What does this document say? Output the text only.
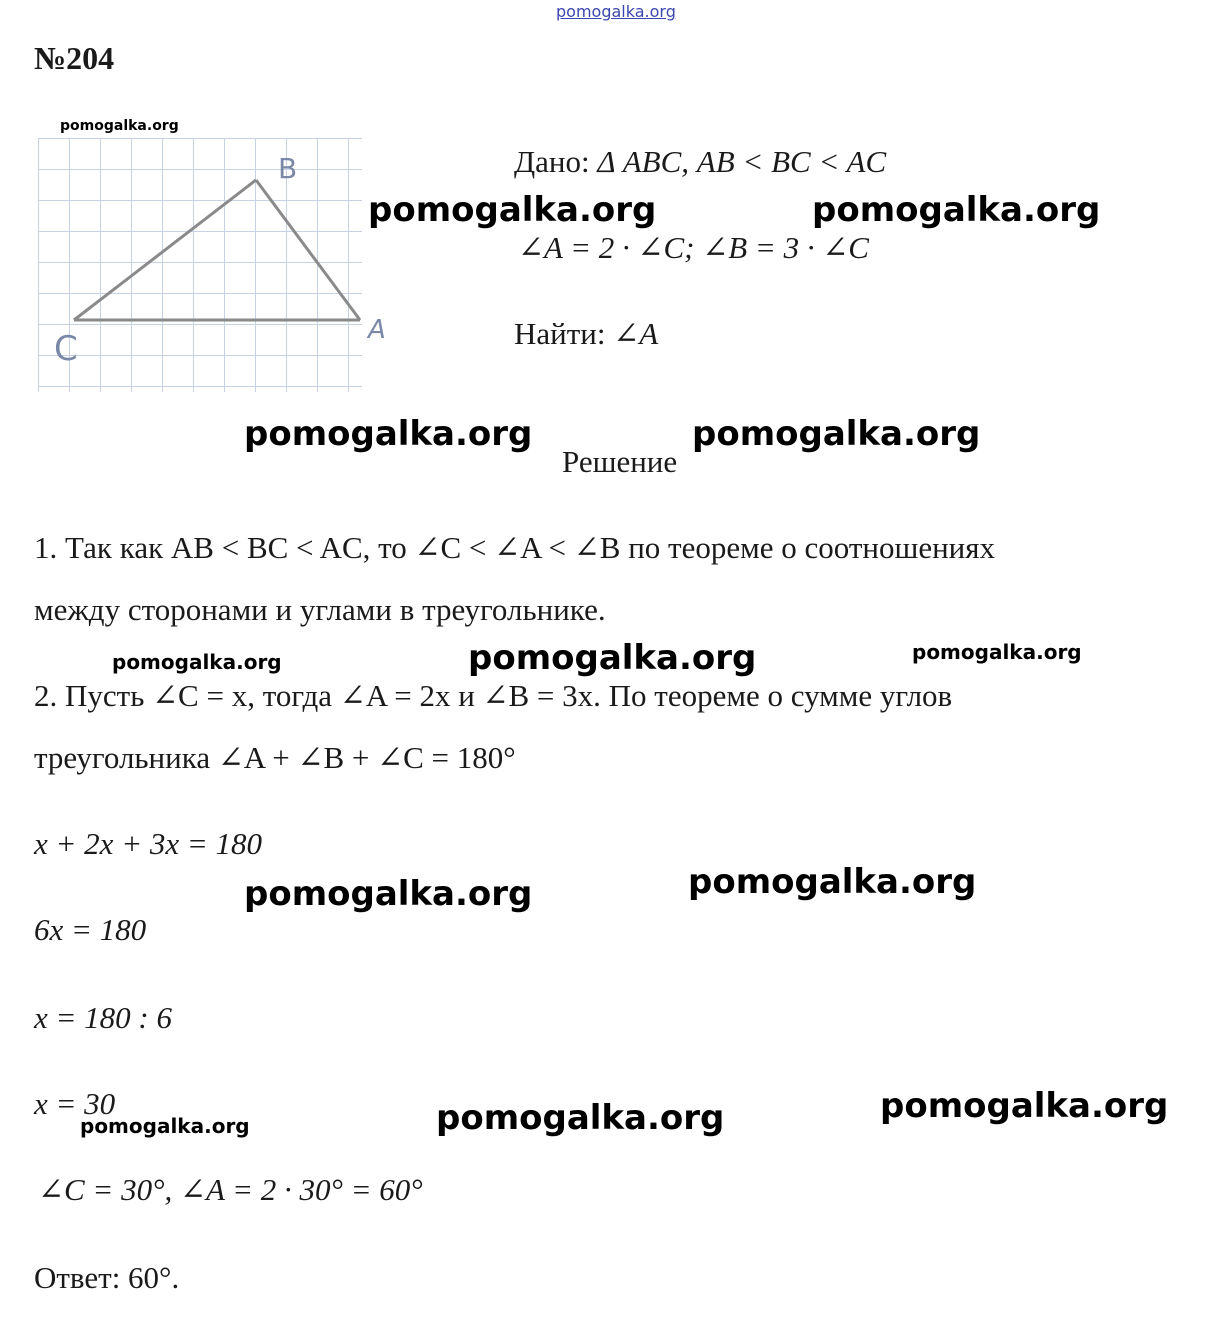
pomogalka.org
№204
pomogalka.org
B
A
C
Дано: Δ ABC, AB < BC < AC
pomogalka.org	pomogalka.org
∠A = 2 · ∠C; ∠B = 3 · ∠C
Найти: ∠A
pomogalka.org	pomogalka.org
Решение
1. Так как AB < BC < AC, то ∠C < ∠A < ∠B по теореме о соотношениях
между сторонами и углами в треугольнике.
pomogalka.org	pomogalka.org	pomogalka.org
2. Пусть ∠C = x, тогда ∠A = 2x и ∠B = 3x. По теореме о сумме углов
треугольника ∠A + ∠B + ∠C = 180°
x + 2x + 3x = 180
pomogalka.org	pomogalka.org
6x = 180
x = 180 : 6
x = 30
pomogalka.org	pomogalka.org	pomogalka.org
∠C = 30°, ∠A = 2 · 30° = 60°
Ответ: 60°.
